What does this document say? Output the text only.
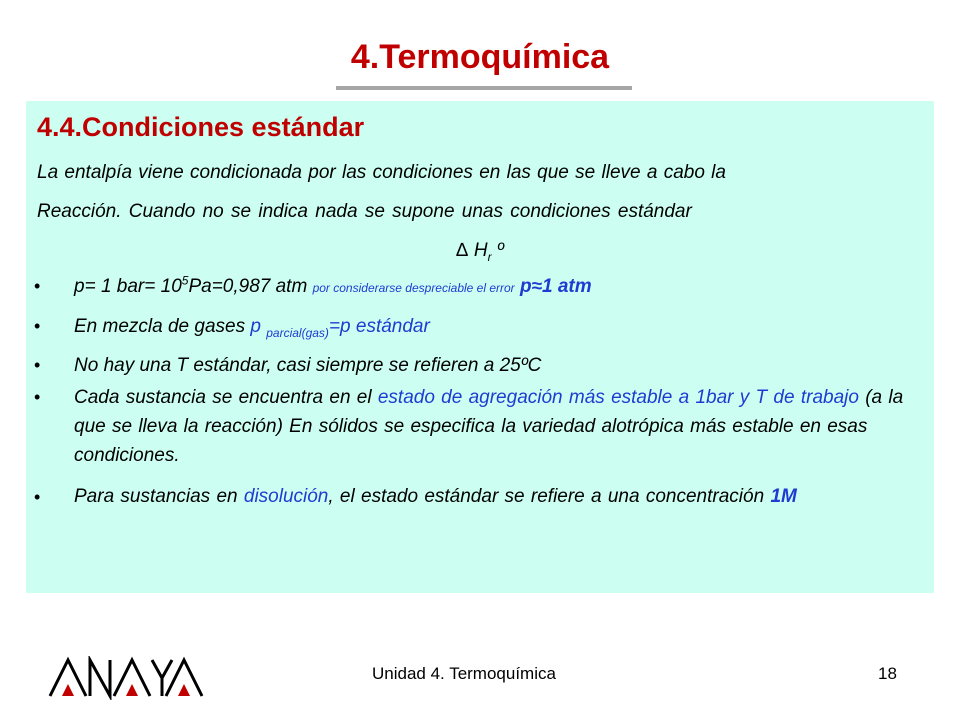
4.Termoquímica
4.4.Condiciones estándar

La entalpía viene condicionada por las condiciones en las que se lleve a cabo la

Reacción. Cuando no se indica nada se supone unas condiciones estándar

∆ $H_r$ º

• p= 1 $bar= 10^5Pa=0,987$ atm por considerarse despreciable el error p≈1 atm

• En mezcla de gases p $_{parcial(gas)}$=p estándar

• No hay una T estándar, casi siempre se refieren a 25ºC

• Cada sustancia se encuentra en el estado de agregación más estable a 1bar y T de trabajo (a la que se lleva la reacción) En sólidos se especifica la variedad alotrópica más estable en esas condiciones.

• Para sustancias en disolución, el estado estándar se refiere a una concentración 1M

Unidad 4. Termoquímica	18
